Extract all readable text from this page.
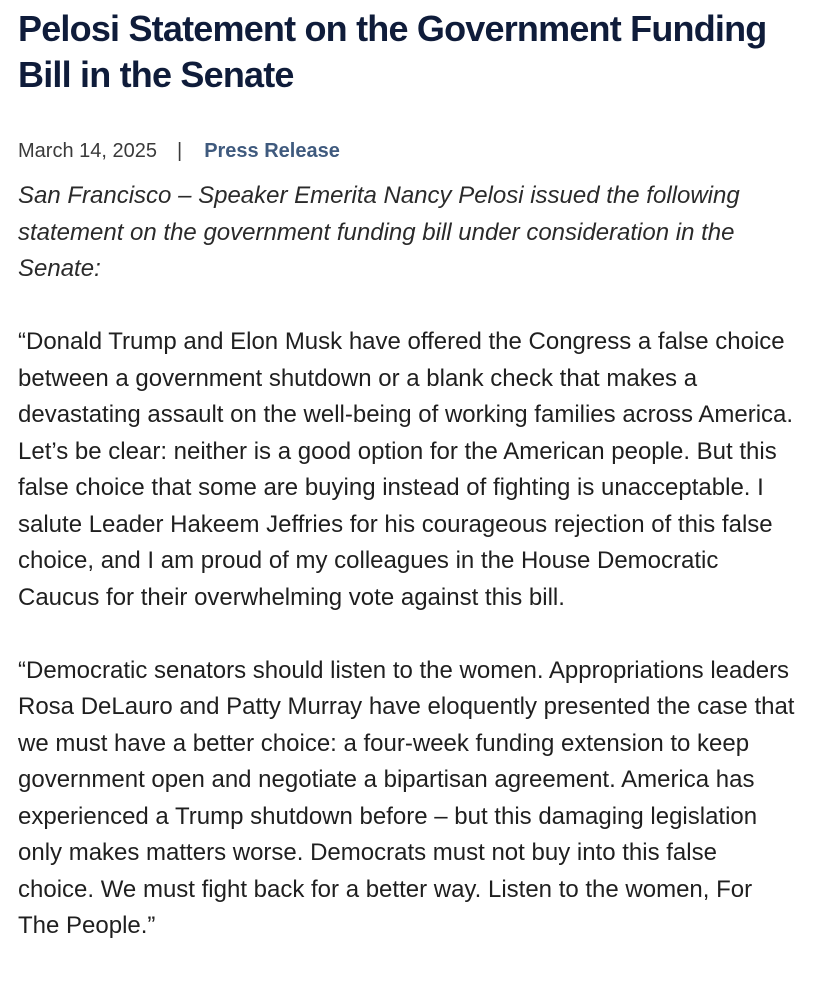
Pelosi Statement on the Government Funding Bill in the Senate
March 14, 2025 | Press Release

San Francisco – Speaker Emerita Nancy Pelosi issued the following statement on the government funding bill under consideration in the Senate:

“Donald Trump and Elon Musk have offered the Congress a false choice between a government shutdown or a blank check that makes a devastating assault on the well-being of working families across America. Let’s be clear: neither is a good option for the American people. But this false choice that some are buying instead of fighting is unacceptable. I salute Leader Hakeem Jeffries for his courageous rejection of this false choice, and I am proud of my colleagues in the House Democratic Caucus for their overwhelming vote against this bill.

“Democratic senators should listen to the women. Appropriations leaders Rosa DeLauro and Patty Murray have eloquently presented the case that we must have a better choice: a four-week funding extension to keep government open and negotiate a bipartisan agreement. America has experienced a Trump shutdown before – but this damaging legislation only makes matters worse. Democrats must not buy into this false choice. We must fight back for a better way. Listen to the women, For The People.”
